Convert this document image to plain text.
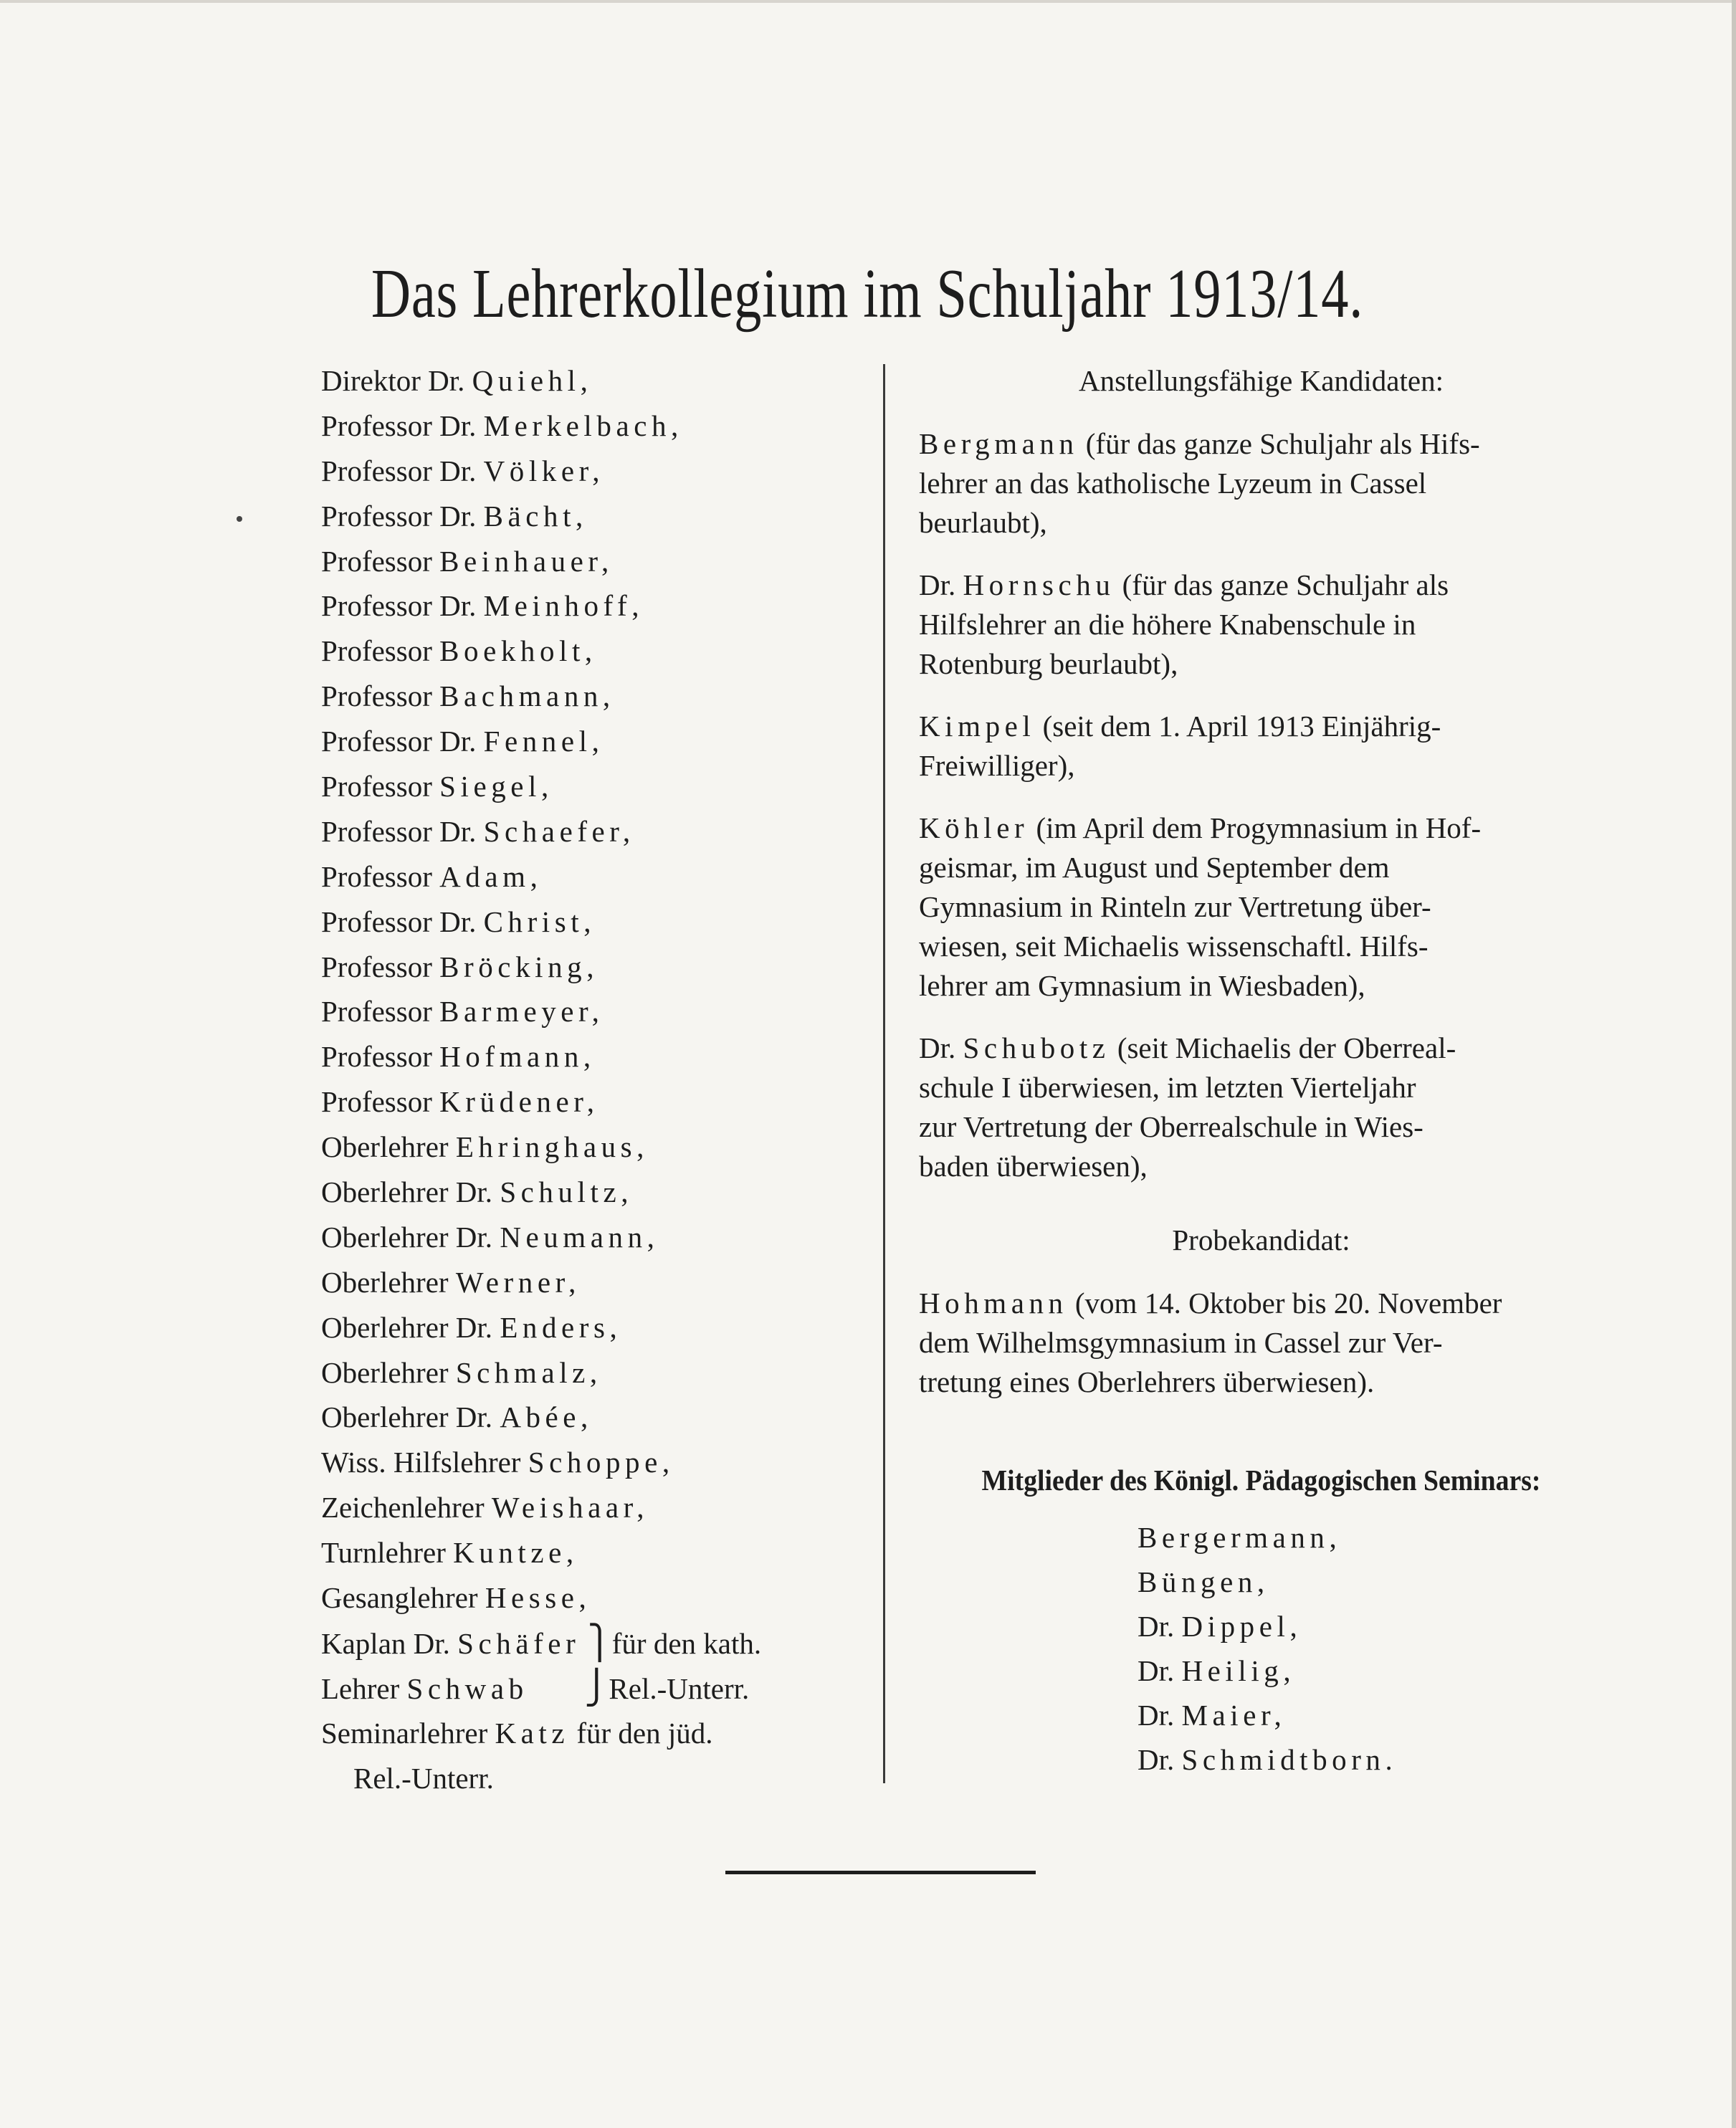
Das Lehrerkollegium im Schuljahr 1913/14.
Direktor Dr. Quiehl,
Professor Dr. Merkelbach,
Professor Dr. Völker,
Professor Dr. Bächt,
Professor Beinhauer,
Professor Dr. Meinhoff,
Professor Boekholt,
Professor Bachmann,
Professor Dr. Fennel,
Professor Siegel,
Professor Dr. Schaefer,
Professor Adam,
Professor Dr. Christ,
Professor Bröcking,
Professor Barmeyer,
Professor Hofmann,
Professor Krüdener,
Oberlehrer Ehringhaus,
Oberlehrer Dr. Schultz,
Oberlehrer Dr. Neumann,
Oberlehrer Werner,
Oberlehrer Dr. Enders,
Oberlehrer Schmalz,
Oberlehrer Dr. Abée,
Wiss. Hilfslehrer Schoppe,
Zeichenlehrer Weishaar,
Turnlehrer Kuntze,
Gesanglehrer Hesse,
Kaplan Dr. Schäfer ⎫ für den kath.
Lehrer Schwab ⎭ Rel.-Unterr.
Seminarlehrer Katz für den jüd.
Rel.-Unterr.
Anstellungsfähige Kandidaten:
Bergmann (für das ganze Schuljahr als Hifs-
lehrer an das katholische Lyzeum in Cassel
beurlaubt),
Dr. Hornschu (für das ganze Schuljahr als
Hilfslehrer an die höhere Knabenschule in
Rotenburg beurlaubt),
Kimpel (seit dem 1. April 1913 Einjährig-
Freiwilliger),
Köhler (im April dem Progymnasium in Hof-
geismar, im August und September dem
Gymnasium in Rinteln zur Vertretung über-
wiesen, seit Michaelis wissenschaftl. Hilfs-
lehrer am Gymnasium in Wiesbaden),
Dr. Schubotz (seit Michaelis der Oberreal-
schule I überwiesen, im letzten Vierteljahr
zur Vertretung der Oberrealschule in Wies-
baden überwiesen),
Probekandidat:
Hohmann (vom 14. Oktober bis 20. November
dem Wilhelmsgymnasium in Cassel zur Ver-
tretung eines Oberlehrers überwiesen).
Mitglieder des Königl. Pädagogischen Seminars:
Bergermann,
Büngen,
Dr. Dippel,
Dr. Heilig,
Dr. Maier,
Dr. Schmidtborn.
